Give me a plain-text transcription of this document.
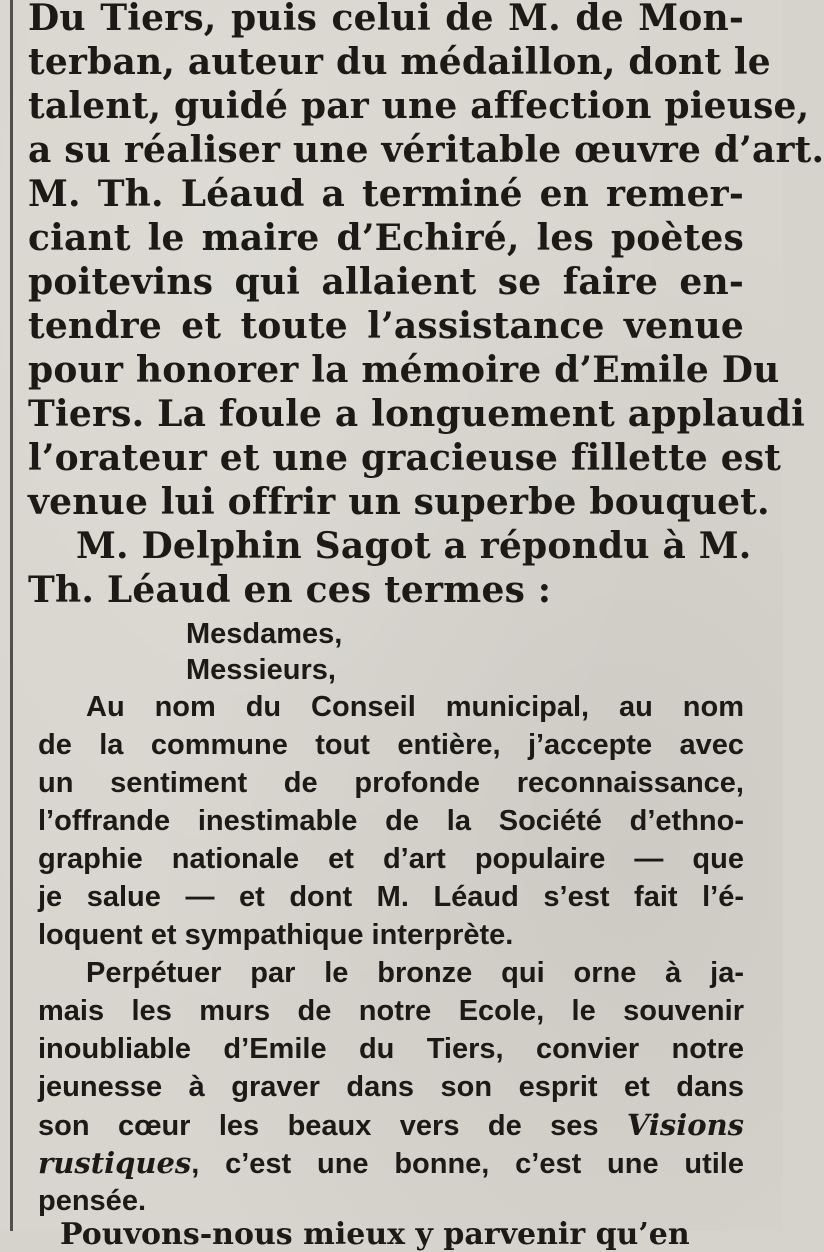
Du Tiers, puis celui de M. de Mon-
terban, auteur du médaillon, dont le
talent, guidé par une affection pieuse,
a su réaliser une véritable œuvre d’art.
M. Th. Léaud a terminé en remer-
ciant le maire d’Echiré, les poètes
poitevins qui allaient se faire en-
tendre et toute l’assistance venue
pour honorer la mémoire d’Emile Du
Tiers. La foule a longuement applaudi
l’orateur et une gracieuse fillette est
venue lui offrir un superbe bouquet.
M. Delphin Sagot a répondu à M.
Th. Léaud en ces termes :
Mesdames,
Messieurs,
Au nom du Conseil municipal, au nom
de la commune tout entière, j’accepte avec
un sentiment de profonde reconnaissance,
l’offrande inestimable de la Société d’ethno-
graphie nationale et d’art populaire — que
je salue — et dont M. Léaud s’est fait l’é-
loquent et sympathique interprète.
Perpétuer par le bronze qui orne à ja-
mais les murs de notre Ecole, le souvenir
inoubliable d’Emile du Tiers, convier notre
jeunesse à graver dans son esprit et dans
son cœur les beaux vers de ses Visions
rustiques, c’est une bonne, c’est une utile
pensée.
Pouvons-nous mieux y parvenir qu’en
